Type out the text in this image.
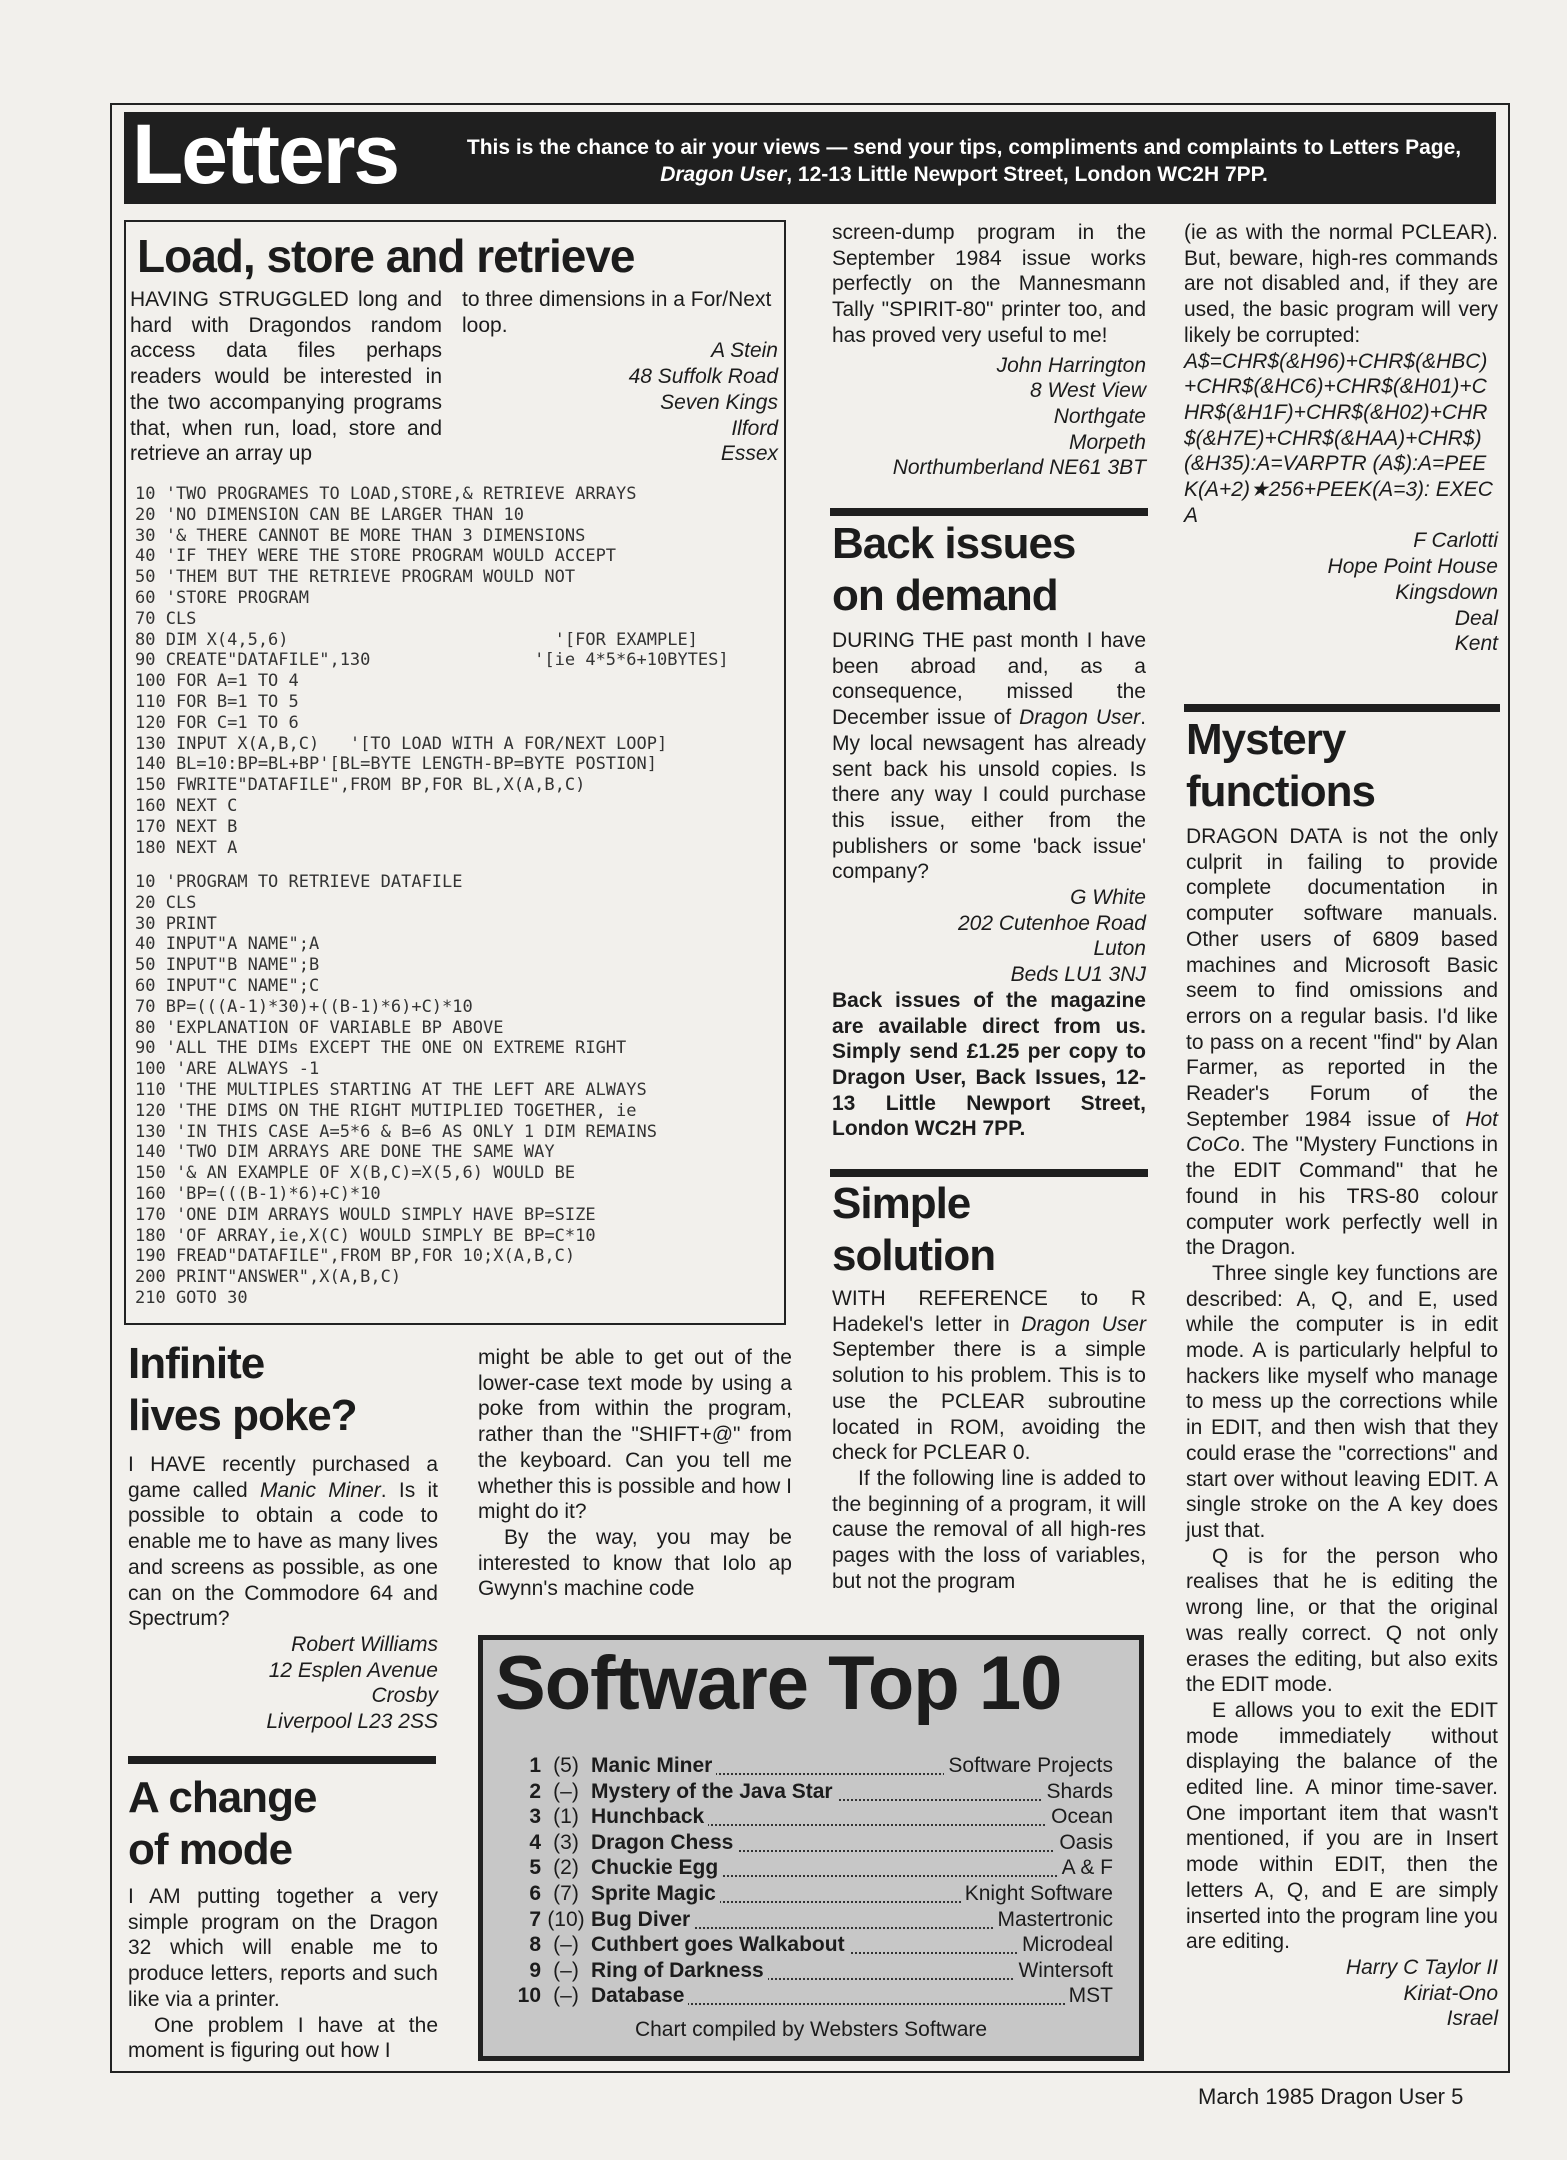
Letters	This is the chance to air your views — send your tips, compliments and complaints to Letters Page, Dragon User, 12-13 Little Newport Street, London WC2H 7PP.
Load, store and retrieve

HAVING STRUGGLED long and hard with Dragondos random access data files perhaps readers would be interested in the two accompanying programs that, when run, load, store and retrieve an array up

to three dimensions in a For/Next loop.

A Stein
48 Suffolk Road
Seven Kings
Ilford
Essex
10 'TWO PROGRAMES TO LOAD,STORE,& RETRIEVE ARRAYS
20 'NO DIMENSION CAN BE LARGER THAN 10
30 '& THERE CANNOT BE MORE THAN 3 DIMENSIONS
40 'IF THEY WERE THE STORE PROGRAM WOULD ACCEPT
50 'THEM BUT THE RETRIEVE PROGRAM WOULD NOT
60 'STORE PROGRAM
70 CLS
80 DIM X(4,5,6)                          '[FOR EXAMPLE]
90 CREATE"DATAFILE",130                '[ie 4*5*6+10BYTES]
100 FOR A=1 TO 4
110 FOR B=1 TO 5
120 FOR C=1 TO 6
130 INPUT X(A,B,C)   '[TO LOAD WITH A FOR/NEXT LOOP]
140 BL=10:BP=BL+BP'[BL=BYTE LENGTH-BP=BYTE POSTION]
150 FWRITE"DATAFILE",FROM BP,FOR BL,X(A,B,C)
160 NEXT C
170 NEXT B
180 NEXT A
10 'PROGRAM TO RETRIEVE DATAFILE
20 CLS
30 PRINT
40 INPUT"A NAME";A
50 INPUT"B NAME";B
60 INPUT"C NAME";C
70 BP=(((A-1)*30)+((B-1)*6)+C)*10
80 'EXPLANATION OF VARIABLE BP ABOVE
90 'ALL THE DIMs EXCEPT THE ONE ON EXTREME RIGHT
100 'ARE ALWAYS -1
110 'THE MULTIPLES STARTING AT THE LEFT ARE ALWAYS
120 'THE DIMS ON THE RIGHT MUTIPLIED TOGETHER, ie
130 'IN THIS CASE A=5*6 & B=6 AS ONLY 1 DIM REMAINS
140 'TWO DIM ARRAYS ARE DONE THE SAME WAY
150 '& AN EXAMPLE OF X(B,C)=X(5,6) WOULD BE
160 'BP=(((B-1)*6)+C)*10
170 'ONE DIM ARRAYS WOULD SIMPLY HAVE BP=SIZE
180 'OF ARRAY,ie,X(C) WOULD SIMPLY BE BP=C*10
190 FREAD"DATAFILE",FROM BP,FOR 10;X(A,B,C)
200 PRINT"ANSWER",X(A,B,C)
210 GOTO 30
Infinite
lives poke?

I HAVE recently purchased a game called Manic Miner. Is it possible to obtain a code to enable me to have as many lives and screens as possible, as one can on the Commodore 64 and Spectrum?

Robert Williams
12 Esplen Avenue
Crosby
Liverpool L23 2SS
A change
of mode

I AM putting together a very simple program on the Dragon 32 which will enable me to produce letters, reports and such like via a printer.

One problem I have at the moment is figuring out how I

might be able to get out of the lower-case text mode by using a poke from within the program, rather than the "SHIFT+@" from the keyboard. Can you tell me whether this is possible and how I might do it?

By the way, you may be interested to know that Iolo ap Gwynn's machine code

screen-dump program in the September 1984 issue works perfectly on the Mannesmann Tally "SPIRIT-80" printer too, and has proved very useful to me!

John Harrington
8 West View
Northgate
Morpeth
Northumberland NE61 3BT
Back issues
on demand

DURING THE past month I have been abroad and, as a consequence, missed the December issue of Dragon User. My local newsagent has already sent back his unsold copies. Is there any way I could purchase this issue, either from the publishers or some 'back issue' company?

G White
202 Cutenhoe Road
Luton
Beds LU1 3NJ

Back issues of the magazine are available direct from us. Simply send £1.25 per copy to Dragon User, Back Issues, 12-13 Little Newport Street, London WC2H 7PP.

Simple
solution

WITH REFERENCE to R Hadekel's letter in Dragon User September there is a simple solution to his problem. This is to use the PCLEAR subroutine located in ROM, avoiding the check for PCLEAR 0.

If the following line is added to the beginning of a program, it will cause the removal of all high-res pages with the loss of variables, but not the program

(ie as with the normal PCLEAR). But, beware, high-res commands are not disabled and, if they are used, the basic program will very likely be corrupted:

A$=CHR$(&H96)+CHR$(&HBC)+CHR$(&HC6)+CHR$(&H01)+CHR$(&H1F)+CHR$(&H02)+CHR$(&H7E)+CHR$(&HAA)+CHR$) (&H35):A=VARPTR (A$):A=PEEK(A+2)★256+PEEK(A=3): EXEC A

F Carlotti
Hope Point House
Kingsdown
Deal
Kent
Mystery
functions

DRAGON DATA is not the only culprit in failing to provide complete documentation in computer software manuals. Other users of 6809 based machines and Microsoft Basic seem to find omissions and errors on a regular basis. I'd like to pass on a recent "find" by Alan Farmer, as reported in the Reader's Forum of the September 1984 issue of Hot CoCo. The "Mystery Functions in the EDIT Command" that he found in his TRS-80 colour computer work perfectly well in the Dragon.

Three single key functions are described: A, Q, and E, used while the computer is in edit mode. A is particularly helpful to hackers like myself who manage to mess up the corrections while in EDIT, and then wish that they could erase the "corrections" and start over without leaving EDIT. A single stroke on the A key does just that.

Q is for the person who realises that he is editing the wrong line, or that the original was really correct. Q not only erases the editing, but also exits the EDIT mode.

E allows you to exit the EDIT mode immediately without displaying the balance of the edited line. A minor time-saver. One important item that wasn't mentioned, if you are in Insert mode within EDIT, then the letters A, Q, and E are simply inserted into the program line you are editing.

Harry C Taylor II
Kiriat-Ono
Israel
Software Top 10
1 (5) Manic Miner	Software Projects
2 (–) Mystery of the Java Star	Shards
3 (1) Hunchback	Ocean
4 (3) Dragon Chess	Oasis
5 (2) Chuckie Egg	A & F
6 (7) Sprite Magic	Knight Software
7 (10) Bug Diver	Mastertronic
8 (–) Cuthbert goes Walkabout	Microdeal
9 (–) Ring of Darkness	Wintersoft
10 (–) Database	MST
Chart compiled by Websters Software
March 1985 Dragon User 5
